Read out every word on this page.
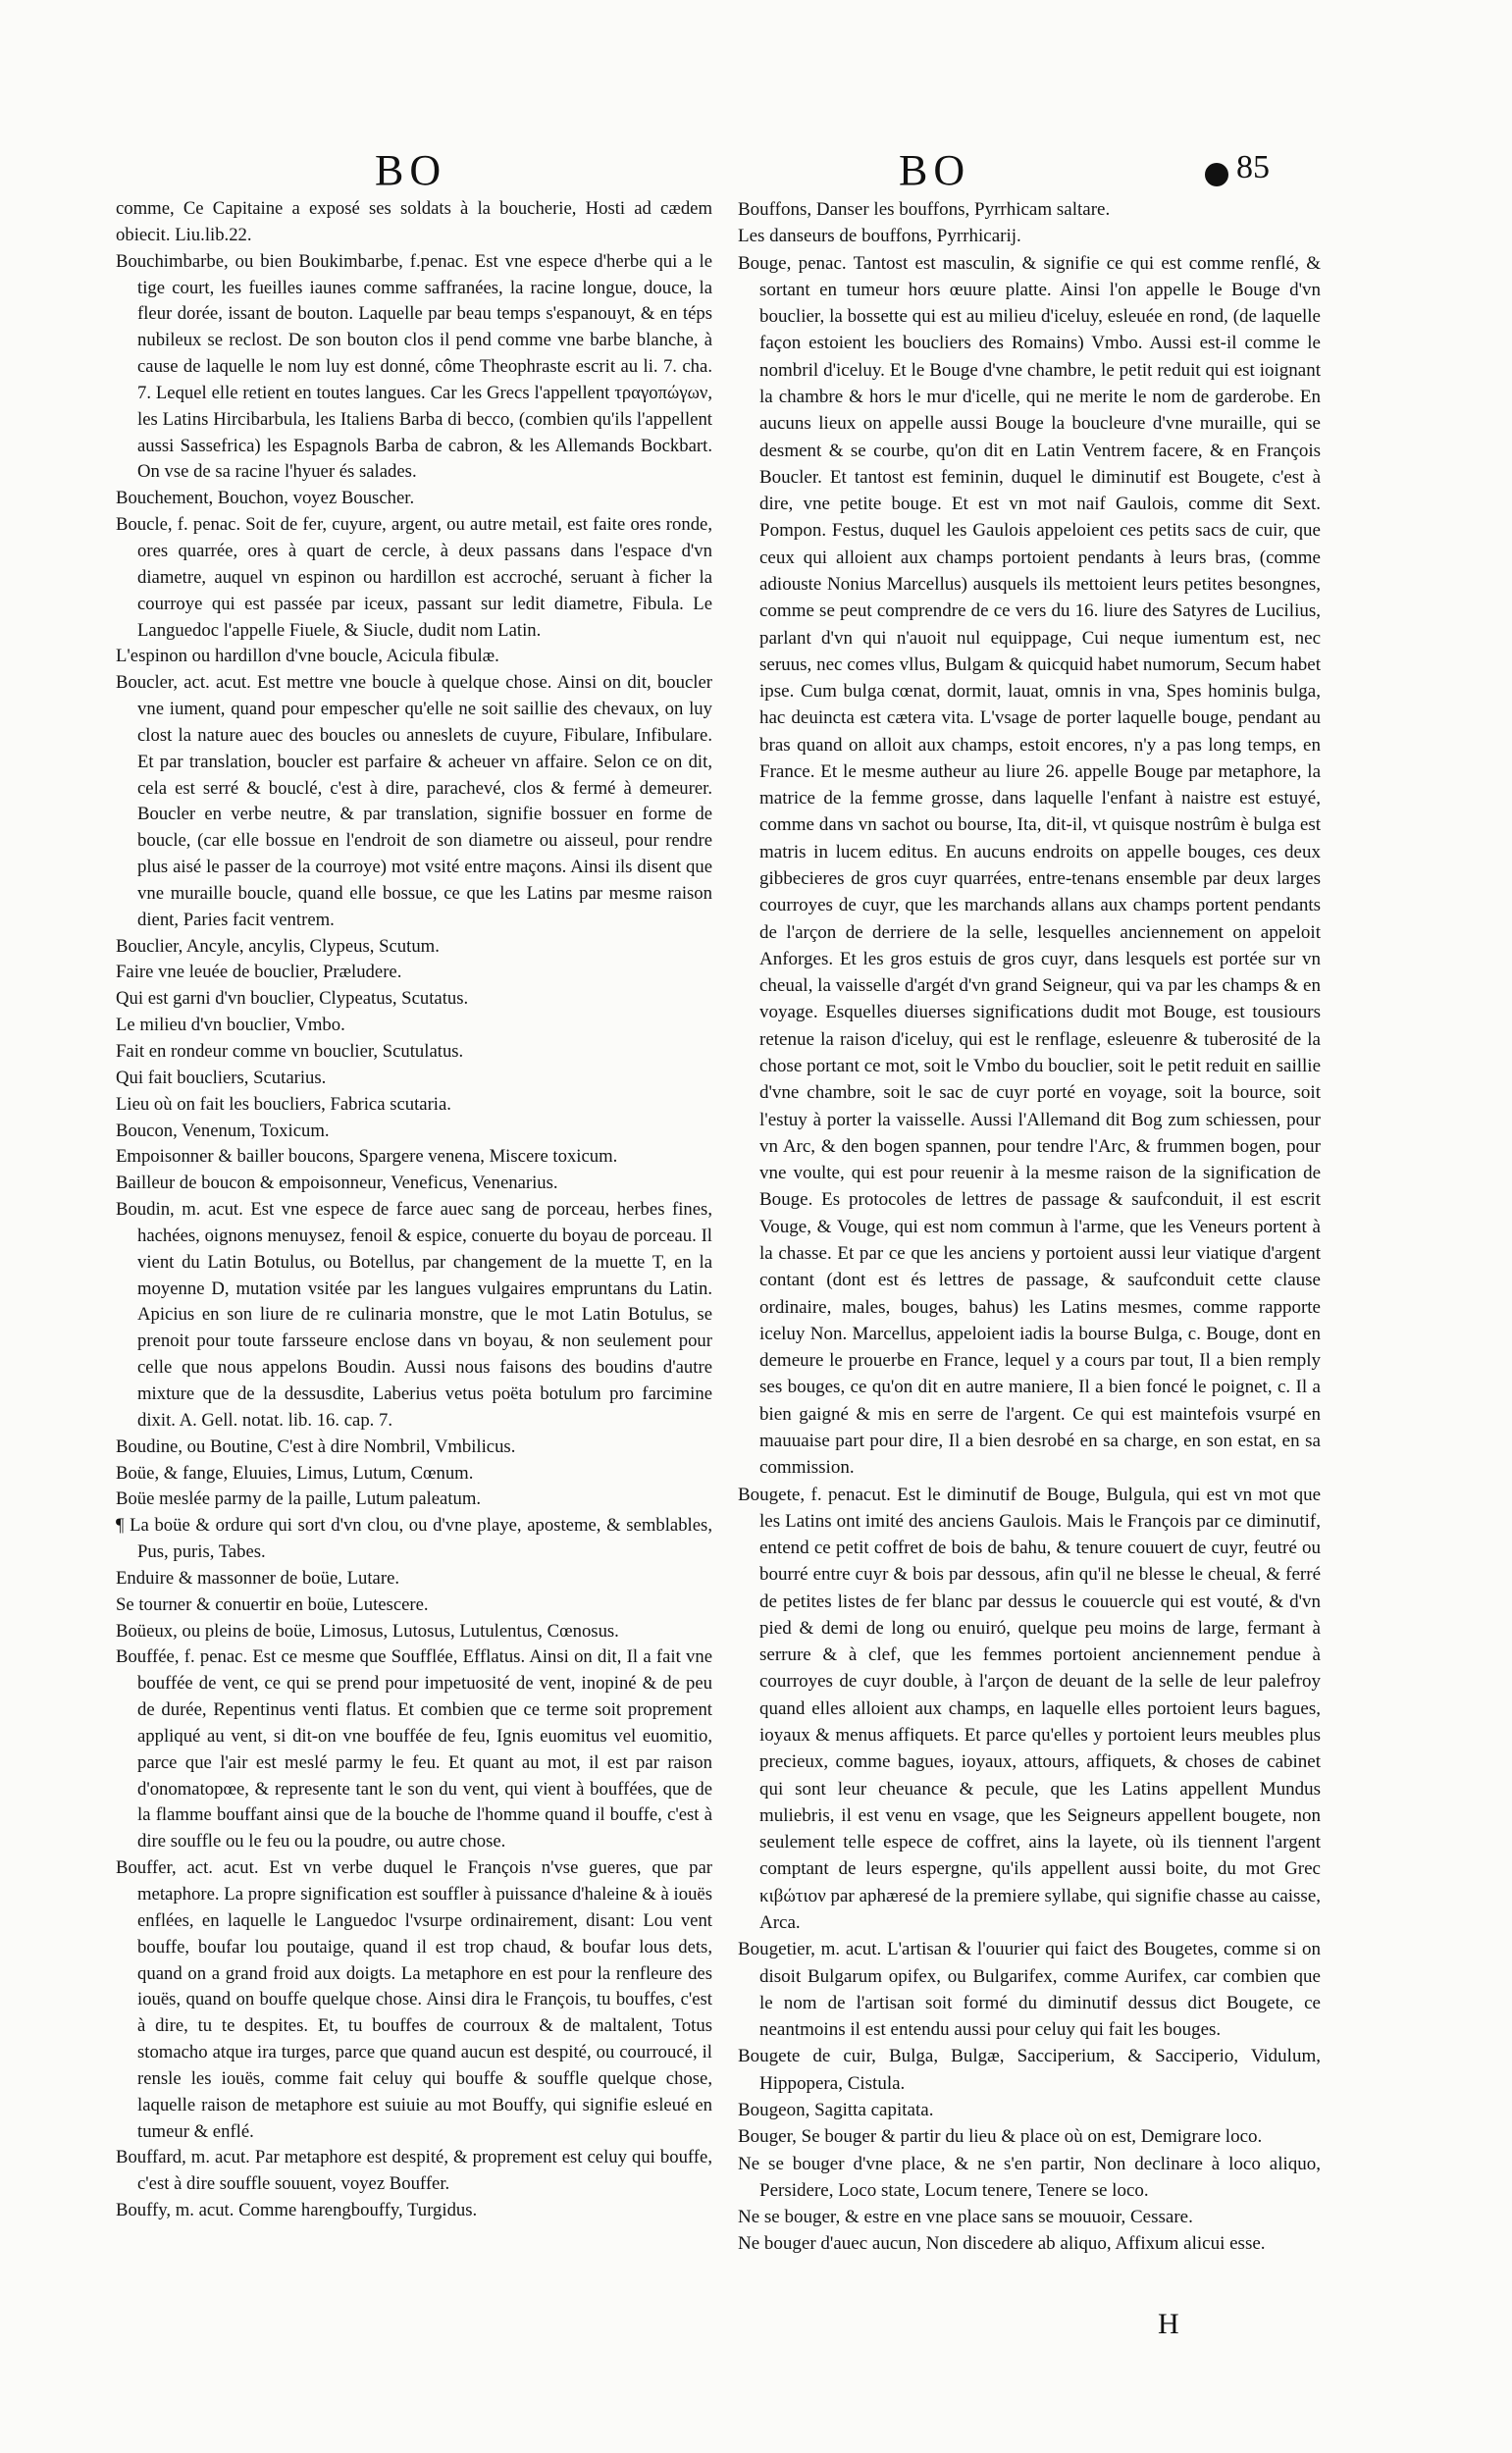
BO	BO	85

comme, Ce Capitaine a exposé ses soldats à la boucherie, Hosti ad cædem obiecit. Liu.lib.22.

Bouchimbarbe, ou bien Boukimbarbe, f.penac. Est vne espece d'herbe qui a le tige court, les fueilles iaunes comme saffranées, la racine longue, douce, la fleur dorée, issant de bouton. Laquelle par beau temps s'espanouyt, & en téps nubileux se reclost. De son bouton clos il pend comme vne barbe blanche, à cause de laquelle le nom luy est donné, côme Theophraste escrit au li. 7. cha. 7. Lequel elle retient en toutes langues. Car les Grecs l'appellent τραγοπώγων, les Latins Hircibarbula, les Italiens Barba di becco, (combien qu'ils l'appellent aussi Sassefrica) les Espagnols Barba de cabron, & les Allemands Bockbart. On vse de sa racine l'hyuer és salades.

Bouchement, Bouchon, voyez Bouscher.

Boucle, f. penac. Soit de fer, cuyure, argent, ou autre metail, est faite ores ronde, ores quarrée, ores à quart de cercle, à deux passans dans l'espace d'vn diametre, auquel vn espinon ou hardillon est accroché, seruant à ficher la courroye qui est passée par iceux, passant sur ledit diametre, Fibula. Le Languedoc l'appelle Fiuele, & Siucle, dudit nom Latin.

L'espinon ou hardillon d'vne boucle, Acicula fibulæ.

Boucler, act. acut. Est mettre vne boucle à quelque chose. Ainsi on dit, boucler vne iument, quand pour empescher qu'elle ne soit saillie des chevaux, on luy clost la nature auec des boucles ou anneslets de cuyure, Fibulare, Infibulare. Et par translation, boucler est parfaire & acheuer vn affaire. Selon ce on dit, cela est serré & bouclé, c'est à dire, parachevé, clos & fermé à demeurer. Boucler en verbe neutre, & par translation, signifie bossuer en forme de boucle, (car elle bossue en l'endroit de son diametre ou aisseul, pour rendre plus aisé le passer de la courroye) mot vsité entre maçons. Ainsi ils disent que vne muraille boucle, quand elle bossue, ce que les Latins par mesme raison dient, Paries facit ventrem.

Bouclier, Ancyle, ancylis, Clypeus, Scutum.

Faire vne leuée de bouclier, Præludere.

Qui est garni d'vn bouclier, Clypeatus, Scutatus.

Le milieu d'vn bouclier, Vmbo.

Fait en rondeur comme vn bouclier, Scutulatus.

Qui fait boucliers, Scutarius.

Lieu où on fait les boucliers, Fabrica scutaria.

Boucon, Venenum, Toxicum.

Empoisonner & bailler boucons, Spargere venena, Miscere toxicum.

Bailleur de boucon & empoisonneur, Veneficus, Venenarius.

Boudin, m. acut. Est vne espece de farce auec sang de porceau, herbes fines, hachées, oignons menuysez, fenoil & espice, conuerte du boyau de porceau. Il vient du Latin Botulus, ou Botellus, par changement de la muette T, en la moyenne D, mutation vsitée par les langues vulgaires empruntans du Latin. Apicius en son liure de re culinaria monstre, que le mot Latin Botulus, se prenoit pour toute farsseure enclose dans vn boyau, & non seulement pour celle que nous appelons Boudin. Aussi nous faisons des boudins d'autre mixture que de la dessusdite, Laberius vetus poëta botulum pro farcimine dixit. A. Gell. notat. lib. 16. cap. 7.

Boudine, ou Boutine, C'est à dire Nombril, Vmbilicus.

Boüe, & fange, Eluuies, Limus, Lutum, Cœnum.

Boüe meslée parmy de la paille, Lutum paleatum.

¶ La boüe & ordure qui sort d'vn clou, ou d'vne playe, aposteme, & semblables, Pus, puris, Tabes.

Enduire & massonner de boüe, Lutare.

Se tourner & conuertir en boüe, Lutescere.

Boüeux, ou pleins de boüe, Limosus, Lutosus, Lutulentus, Cœnosus.

Bouffée, f. penac. Est ce mesme que Soufflée, Efflatus. Ainsi on dit, Il a fait vne bouffée de vent, ce qui se prend pour impetuosité de vent, inopiné & de peu de durée, Repentinus venti flatus. Et combien que ce terme soit proprement appliqué au vent, si dit-on vne bouffée de feu, Ignis euomitus vel euomitio, parce que l'air est meslé parmy le feu. Et quant au mot, il est par raison d'onomatopœe, & represente tant le son du vent, qui vient à bouffées, que de la flamme bouffant ainsi que de la bouche de l'homme quand il bouffe, c'est à dire souffle ou le feu ou la poudre, ou autre chose.

Bouffer, act. acut. Est vn verbe duquel le François n'vse gueres, que par metaphore. La propre signification est souffler à puissance d'haleine & à iouës enflées, en laquelle le Languedoc l'vsurpe ordinairement, disant: Lou vent bouffe, boufar lou poutaige, quand il est trop chaud, & boufar lous dets, quand on a grand froid aux doigts. La metaphore en est pour la renfleure des iouës, quand on bouffe quelque chose. Ainsi dira le François, tu bouffes, c'est à dire, tu te despites. Et, tu bouffes de courroux & de maltalent, Totus stomacho atque ira turges, parce que quand aucun est despité, ou courroucé, il rensle les iouës, comme fait celuy qui bouffe & souffle quelque chose, laquelle raison de metaphore est suiuie au mot Bouffy, qui signifie esleué en tumeur & enflé.

Bouffard, m. acut. Par metaphore est despité, & proprement est celuy qui bouffe, c'est à dire souffle souuent, voyez Bouffer.

Bouffy, m. acut. Comme harengbouffy, Turgidus.

Bouffons, Danser les bouffons, Pyrrhicam saltare.

Les danseurs de bouffons, Pyrrhicarij.

Bouge, penac. Tantost est masculin, & signifie ce qui est comme renflé, & sortant en tumeur hors œuure platte. Ainsi l'on appelle le Bouge d'vn bouclier, la bossette qui est au milieu d'iceluy, esleuée en rond, (de laquelle façon estoient les boucliers des Romains) Vmbo. Aussi est-il comme le nombril d'iceluy. Et le Bouge d'vne chambre, le petit reduit qui est ioignant la chambre & hors le mur d'icelle, qui ne merite le nom de garderobe. En aucuns lieux on appelle aussi Bouge la boucleure d'vne muraille, qui se desment & se courbe, qu'on dit en Latin Ventrem facere, & en François Boucler. Et tantost est feminin, duquel le diminutif est Bougete, c'est à dire, vne petite bouge. Et est vn mot naif Gaulois, comme dit Sext. Pompon. Festus, duquel les Gaulois appeloient ces petits sacs de cuir, que ceux qui alloient aux champs portoient pendants à leurs bras, (comme adiouste Nonius Marcellus) ausquels ils mettoient leurs petites besongnes, comme se peut comprendre de ce vers du 16. liure des Satyres de Lucilius, parlant d'vn qui n'auoit nul equippage, Cui neque iumentum est, nec seruus, nec comes vllus, Bulgam & quicquid habet numorum, Secum habet ipse. Cum bulga cœnat, dormit, lauat, omnis in vna, Spes hominis bulga, hac deuincta est cætera vita. L'vsage de porter laquelle bouge, pendant au bras quand on alloit aux champs, estoit encores, n'y a pas long temps, en France. Et le mesme autheur au liure 26. appelle Bouge par metaphore, la matrice de la femme grosse, dans laquelle l'enfant à naistre est estuyé, comme dans vn sachot ou bourse, Ita, dit-il, vt quisque nostrûm è bulga est matris in lucem editus. En aucuns endroits on appelle bouges, ces deux gibbecieres de gros cuyr quarrées, entre-tenans ensemble par deux larges courroyes de cuyr, que les marchands allans aux champs portent pendants de l'arçon de derriere de la selle, lesquelles anciennement on appeloit Anforges. Et les gros estuis de gros cuyr, dans lesquels est portée sur vn cheual, la vaisselle d'argét d'vn grand Seigneur, qui va par les champs & en voyage. Esquelles diuerses significations dudit mot Bouge, est tousiours retenue la raison d'iceluy, qui est le renflage, esleuenre & tuberosité de la chose portant ce mot, soit le Vmbo du bouclier, soit le petit reduit en saillie d'vne chambre, soit le sac de cuyr porté en voyage, soit la bource, soit l'estuy à porter la vaisselle. Aussi l'Allemand dit Bog zum schiessen, pour vn Arc, & den bogen spannen, pour tendre l'Arc, & frummen bogen, pour vne voulte, qui est pour reuenir à la mesme raison de la signification de Bouge. Es protocoles de lettres de passage & saufconduit, il est escrit Vouge, & Vouge, qui est nom commun à l'arme, que les Veneurs portent à la chasse. Et par ce que les anciens y portoient aussi leur viatique d'argent contant (dont est és lettres de passage, & saufconduit cette clause ordinaire, males, bouges, bahus) les Latins mesmes, comme rapporte iceluy Non. Marcellus, appeloient iadis la bourse Bulga, c. Bouge, dont en demeure le prouerbe en France, lequel y a cours par tout, Il a bien remply ses bouges, ce qu'on dit en autre maniere, Il a bien foncé le poignet, c. Il a bien gaigné & mis en serre de l'argent. Ce qui est maintefois vsurpé en mauuaise part pour dire, Il a bien desrobé en sa charge, en son estat, en sa commission.

Bougete, f. penacut. Est le diminutif de Bouge, Bulgula, qui est vn mot que les Latins ont imité des anciens Gaulois. Mais le François par ce diminutif, entend ce petit coffret de bois de bahu, & tenure couuert de cuyr, feutré ou bourré entre cuyr & bois par dessous, afin qu'il ne blesse le cheual, & ferré de petites listes de fer blanc par dessus le couuercle qui est vouté, & d'vn pied & demi de long ou enuiró, quelque peu moins de large, fermant à serrure & à clef, que les femmes portoient anciennement pendue à courroyes de cuyr double, à l'arçon de deuant de la selle de leur palefroy quand elles alloient aux champs, en laquelle elles portoient leurs bagues, ioyaux & menus affiquets. Et parce qu'elles y portoient leurs meubles plus precieux, comme bagues, ioyaux, attours, affiquets, & choses de cabinet qui sont leur cheuance & pecule, que les Latins appellent Mundus muliebris, il est venu en vsage, que les Seigneurs appellent bougete, non seulement telle espece de coffret, ains la layete, où ils tiennent l'argent comptant de leurs espergne, qu'ils appellent aussi boite, du mot Grec κιβώτιον par aphæresé de la premiere syllabe, qui signifie chasse au caisse, Arca.

Bougetier, m. acut. L'artisan & l'ouurier qui faict des Bougetes, comme si on disoit Bulgarum opifex, ou Bulgarifex, comme Aurifex, car combien que le nom de l'artisan soit formé du diminutif dessus dict Bougete, ce neantmoins il est entendu aussi pour celuy qui fait les bouges.

Bougete de cuir, Bulga, Bulgæ, Sacciperium, & Sacciperio, Vidulum, Hippopera, Cistula.

Bougeon, Sagitta capitata.

Bouger, Se bouger & partir du lieu & place où on est, Demigrare loco.

Ne se bouger d'vne place, & ne s'en partir, Non declinare à loco aliquo, Persidere, Loco state, Locum tenere, Tenere se loco.

Ne se bouger, & estre en vne place sans se mouuoir, Cessare.

Ne bouger d'auec aucun, Non discedere ab aliquo, Affixum alicui esse.

H
